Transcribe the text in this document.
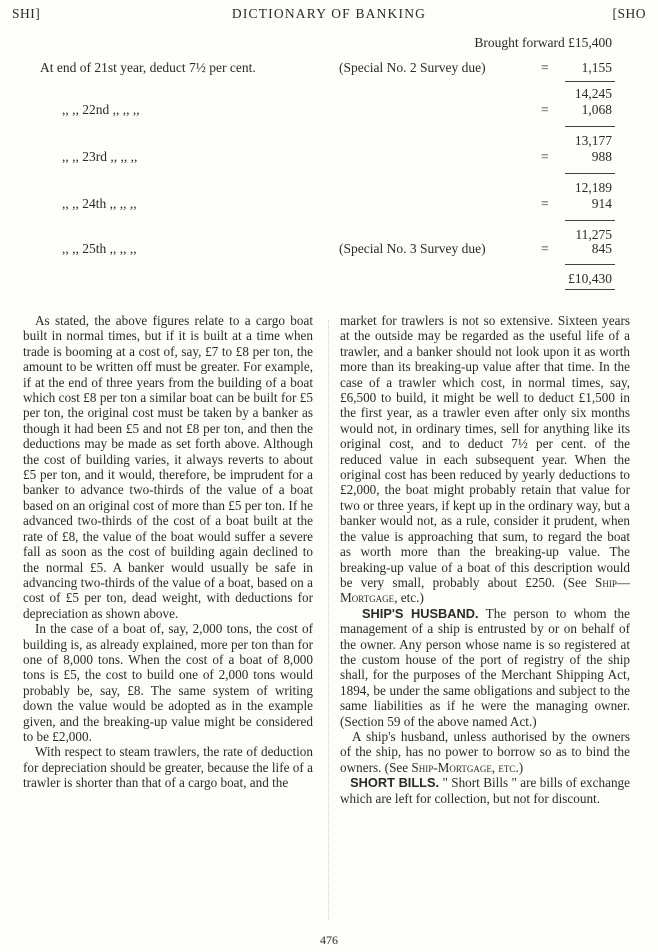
SHI]	DICTIONARY OF BANKING	[SHO
Brought forward £15,400
At end of 21st year, deduct 7½ per cent.	(Special No. 2 Survey due)	= 1,155
14,245
,, ,, 22nd ,, ,, ,,	= 1,068
13,177
,, ,, 23rd ,, ,, ,,	=	988
12,189
,, ,, 24th ,, ,, ,,	=	914
11,275
,, ,, 25th ,, ,, ,,	(Special No. 3 Survey due)	=	845
£10,430

As stated, the above figures relate to a cargo boat built in normal times, but if it is built at a time when trade is booming at a cost of, say, £7 to £8 per ton, the amount to be written off must be greater. For example, if at the end of three years from the building of a boat which cost £8 per ton a similar boat can be built for £5 per ton, the original cost must be taken by a banker as though it had been £5 and not £8 per ton, and then the deductions may be made as set forth above. Although the cost of building varies, it always reverts to about £5 per ton, and it would, therefore, be imprudent for a banker to advance two-thirds of the value of a boat based on an original cost of more than £5 per ton. If he advanced two-thirds of the cost of a boat built at the rate of £8, the value of the boat would suffer a severe fall as soon as the cost of building again declined to the normal £5. A banker would usually be safe in advancing two-thirds of the value of a boat, based on a cost of £5 per ton, dead weight, with deductions for depreciation as shown above.

In the case of a boat of, say, 2,000 tons, the cost of building is, as already explained, more per ton than for one of 8,000 tons. When the cost of a boat of 8,000 tons is £5, the cost to build one of 2,000 tons would probably be, say, £8. The same system of writing down the value would be adopted as in the example given, and the breaking-up value might be considered to be £2,000.

With respect to steam trawlers, the rate of deduction for depreciation should be greater, because the life of a trawler is shorter than that of a cargo boat, and the

market for trawlers is not so extensive. Sixteen years at the outside may be regarded as the useful life of a trawler, and a banker should not look upon it as worth more than its breaking-up value after that time. In the case of a trawler which cost, in normal times, say, £6,500 to build, it might be well to deduct £1,500 in the first year, as a trawler even after only six months would not, in ordinary times, sell for anything like its original cost, and to deduct 7½ per cent. of the reduced value in each subsequent year. When the original cost has been reduced by yearly deductions to £2,000, the boat might probably retain that value for two or three years, if kept up in the ordinary way, but a banker would not, as a rule, consider it prudent, when the value is approaching that sum, to regard the boat as worth more than the breaking-up value. The breaking-up value of a boat of this description would be very small, probably about £250. (See Ship—Mortgage, etc.)

SHIP'S HUSBAND. The person to whom the management of a ship is entrusted by or on behalf of the owner. Any person whose name is so registered at the custom house of the port of registry of the ship shall, for the purposes of the Merchant Shipping Act, 1894, be under the same obligations and subject to the same liabilities as if he were the managing owner. (Section 59 of the above named Act.)

A ship's husband, unless authorised by the owners of the ship, has no power to borrow so as to bind the owners. (See Ship-Mortgage, etc.)

SHORT BILLS. " Short Bills " are bills of exchange which are left for collection, but not for discount.

476
